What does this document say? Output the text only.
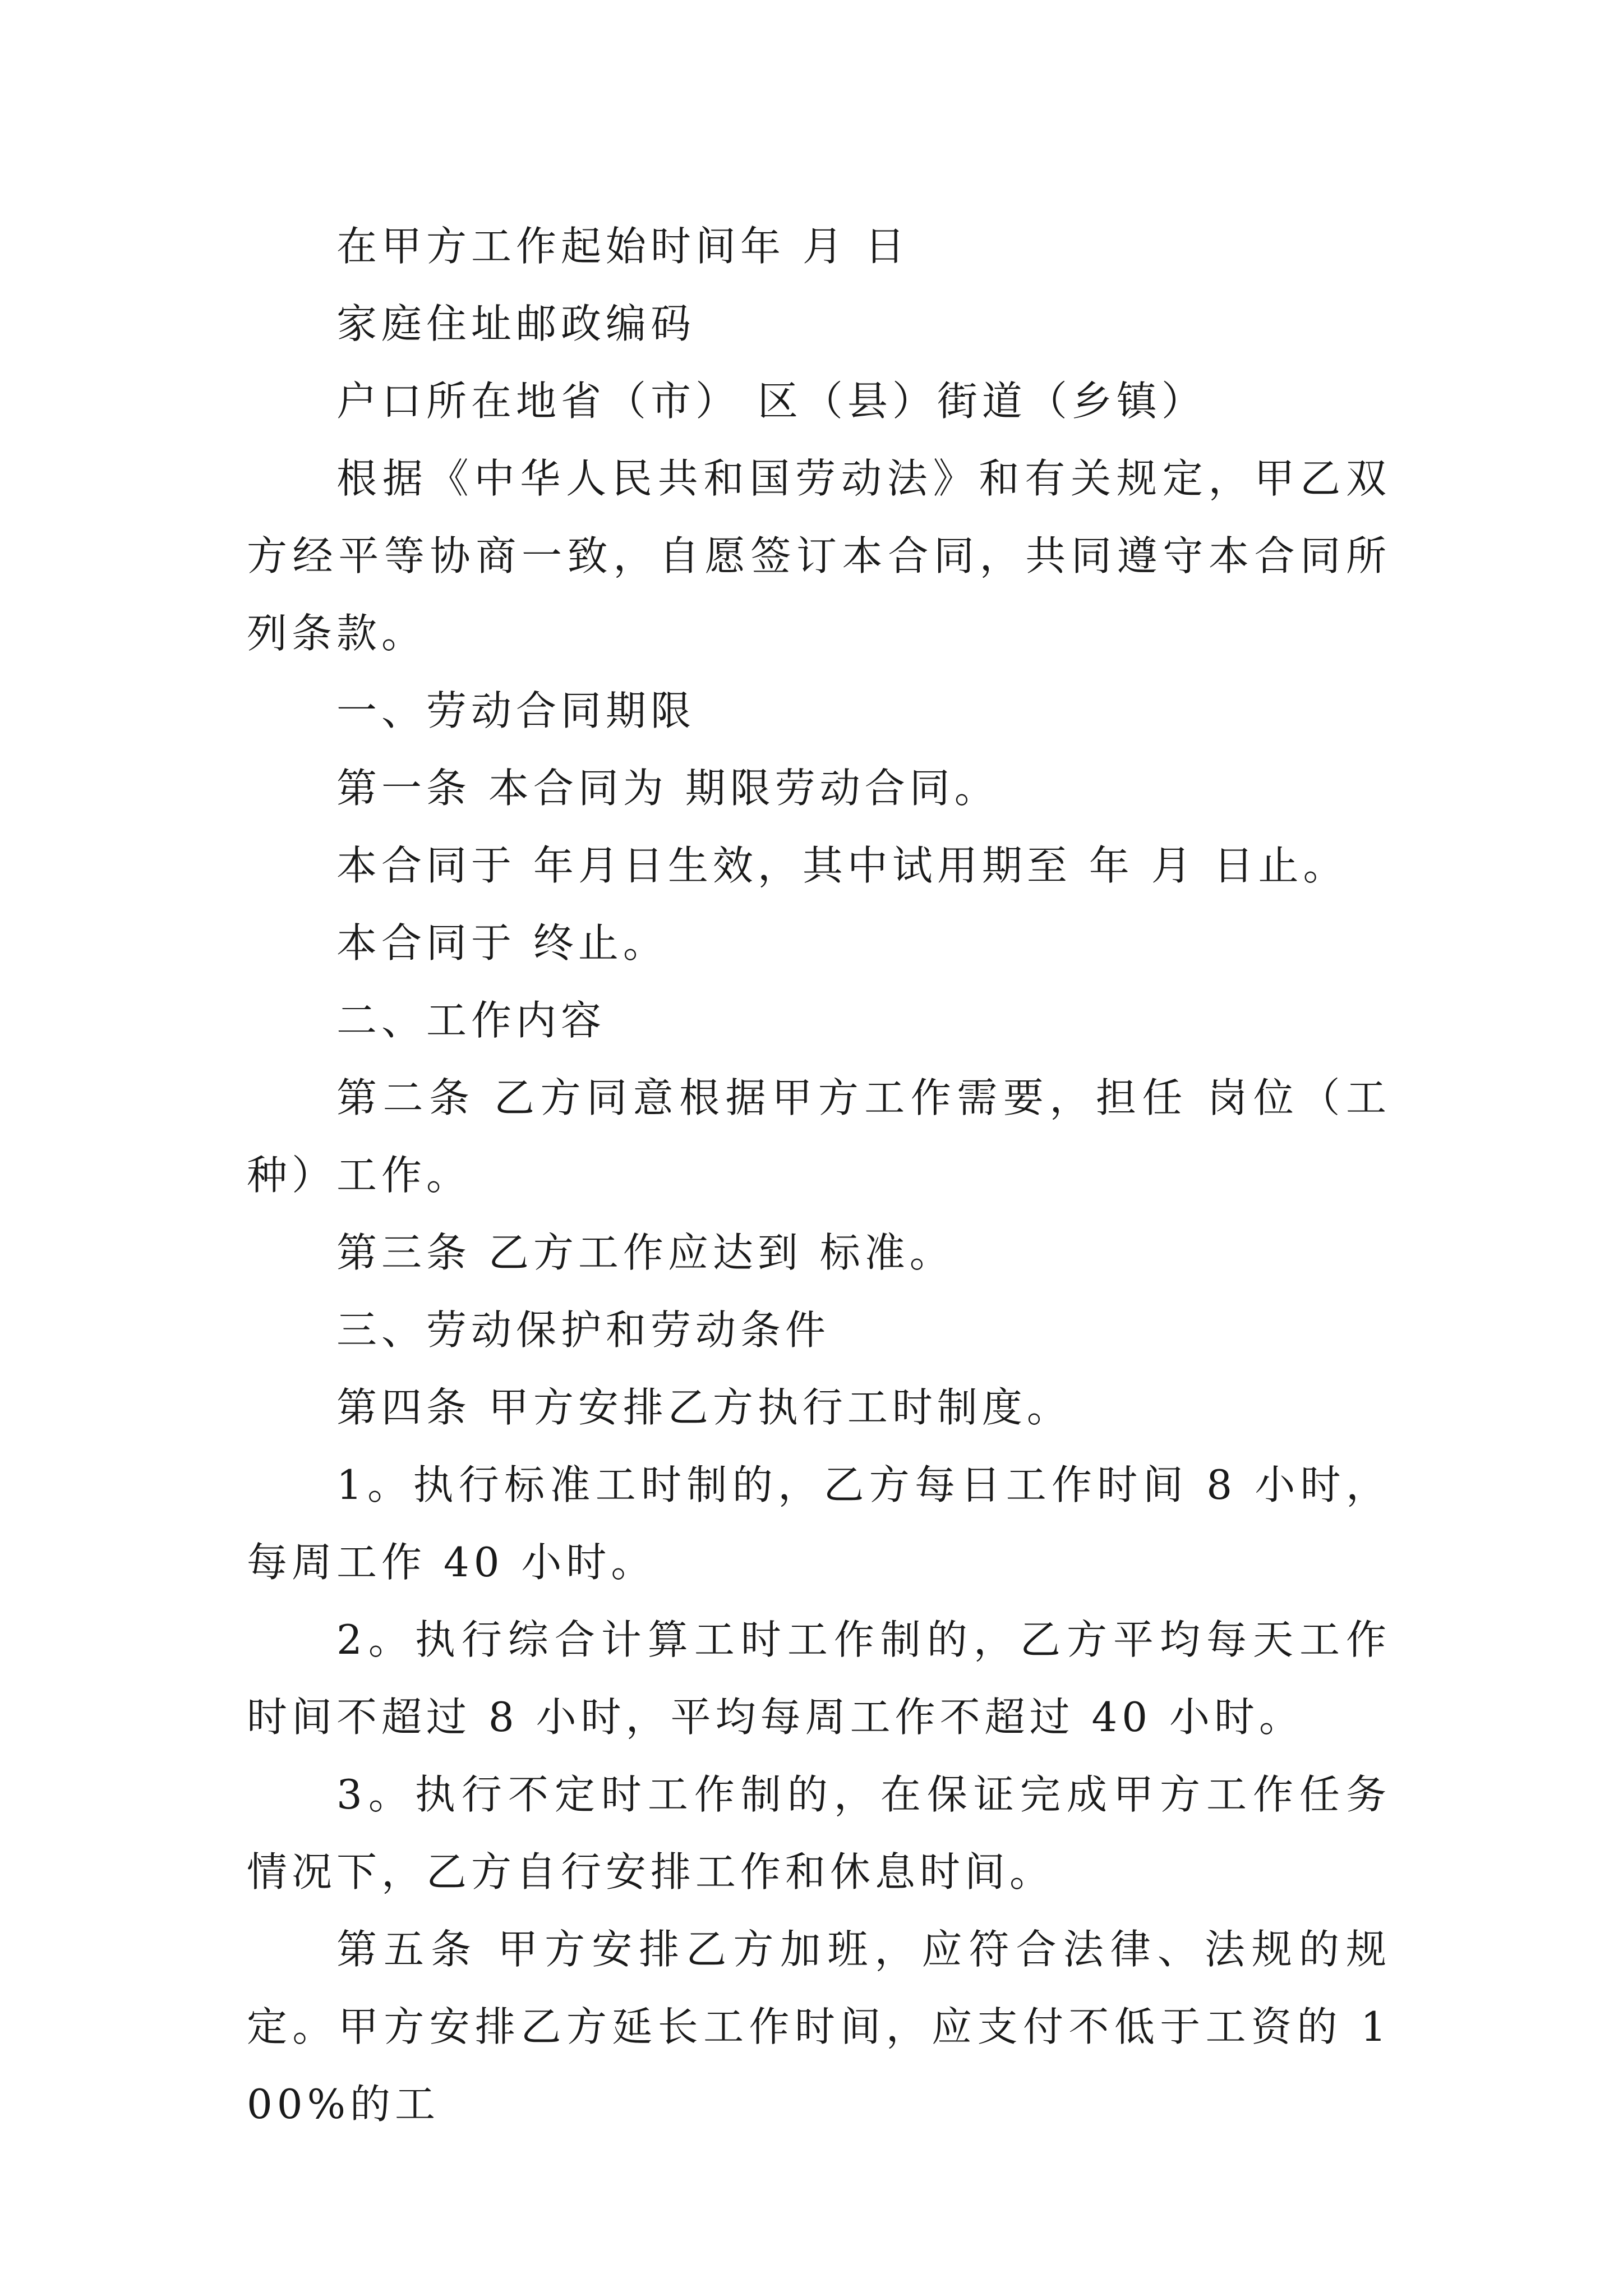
在甲方工作起始时间年 月 日

家庭住址邮政编码

户口所在地省（市） 区（县）街道（乡镇）

根据《中华人民共和国劳动法》和有关规定，甲乙双方经平等协商一致，自愿签订本合同，共同遵守本合同所列条款。

一、劳动合同期限

第一条 本合同为 期限劳动合同。

本合同于 年月日生效，其中试用期至 年 月 日止。

本合同于 终止。

二、工作内容

第二条 乙方同意根据甲方工作需要，担任 岗位（工种）工作。

第三条 乙方工作应达到 标准。

三、劳动保护和劳动条件

第四条 甲方安排乙方执行工时制度。

1。执行标准工时制的，乙方每日工作时间 8 小时，每周工作 40 小时。

2。执行综合计算工时工作制的，乙方平均每天工作时间不超过 8 小时，平均每周工作不超过 40 小时。

3。执行不定时工作制的，在保证完成甲方工作任务情况下，乙方自行安排工作和休息时间。

第五条 甲方安排乙方加班，应符合法律、法规的规定。甲方安排乙方延长工作时间，应支付不低于工资的 100%的工
